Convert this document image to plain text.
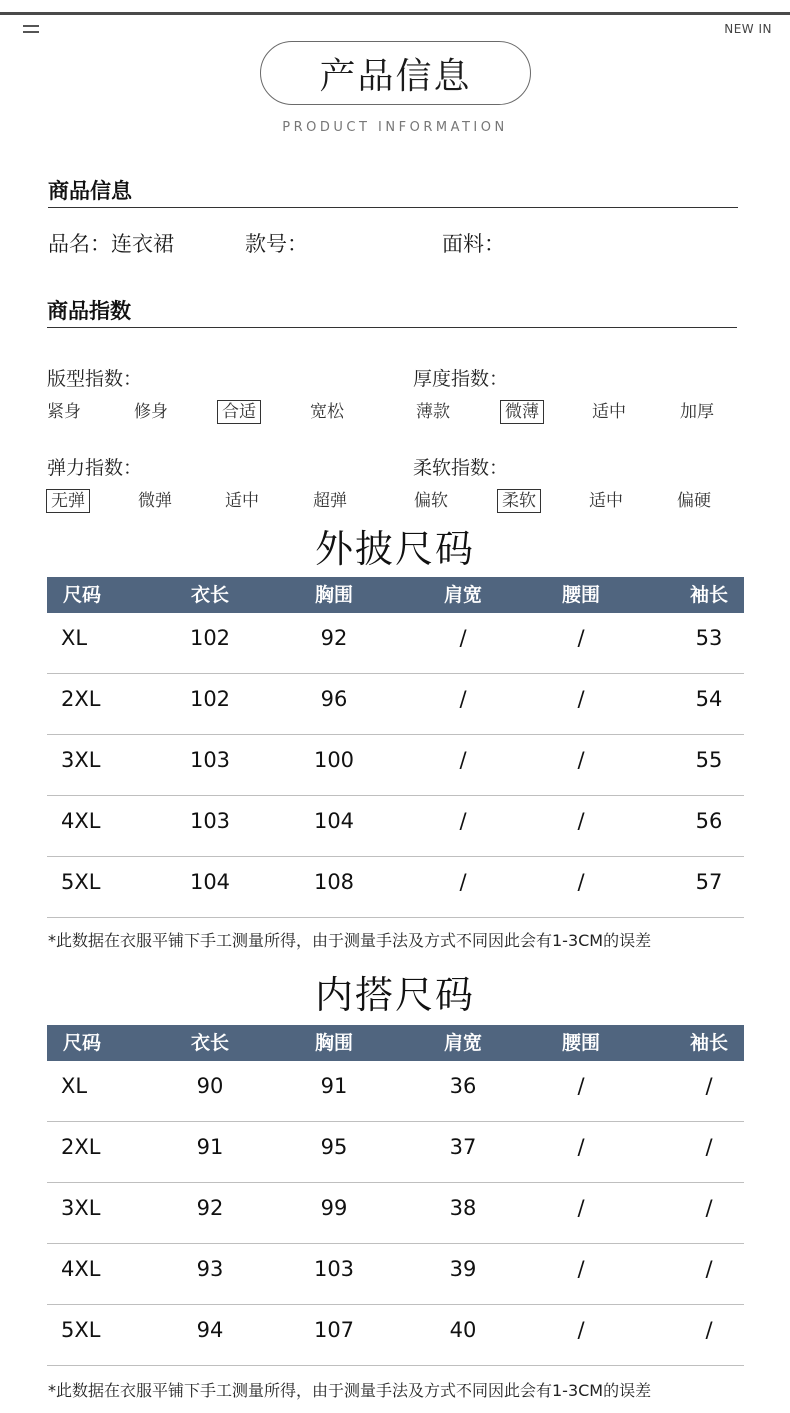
NEW IN
产品信息
PRODUCT INFORMATION
商品信息
品名：连衣裙	款号：	面料：
商品指数
版型指数：
紧身	修身	合适	宽松
厚度指数：
薄款	微薄	适中	加厚
弹力指数：
无弹	微弹	适中	超弹
柔软指数：
偏软	柔软	适中	偏硬
外披尺码
尺码	衣长	胸围	肩宽	腰围	袖长
XL	102	92	/	/	53
2XL	102	96	/	/	54
3XL	103	100	/	/	55
4XL	103	104	/	/	56
5XL	104	108	/	/	57
*此数据在衣服平铺下手工测量所得，由于测量手法及方式不同因此会有1-3CM的误差
内搭尺码
尺码	衣长	胸围	肩宽	腰围	袖长
XL	90	91	36	/	/
2XL	91	95	37	/	/
3XL	92	99	38	/	/
4XL	93	103	39	/	/
5XL	94	107	40	/	/
*此数据在衣服平铺下手工测量所得，由于测量手法及方式不同因此会有1-3CM的误差
